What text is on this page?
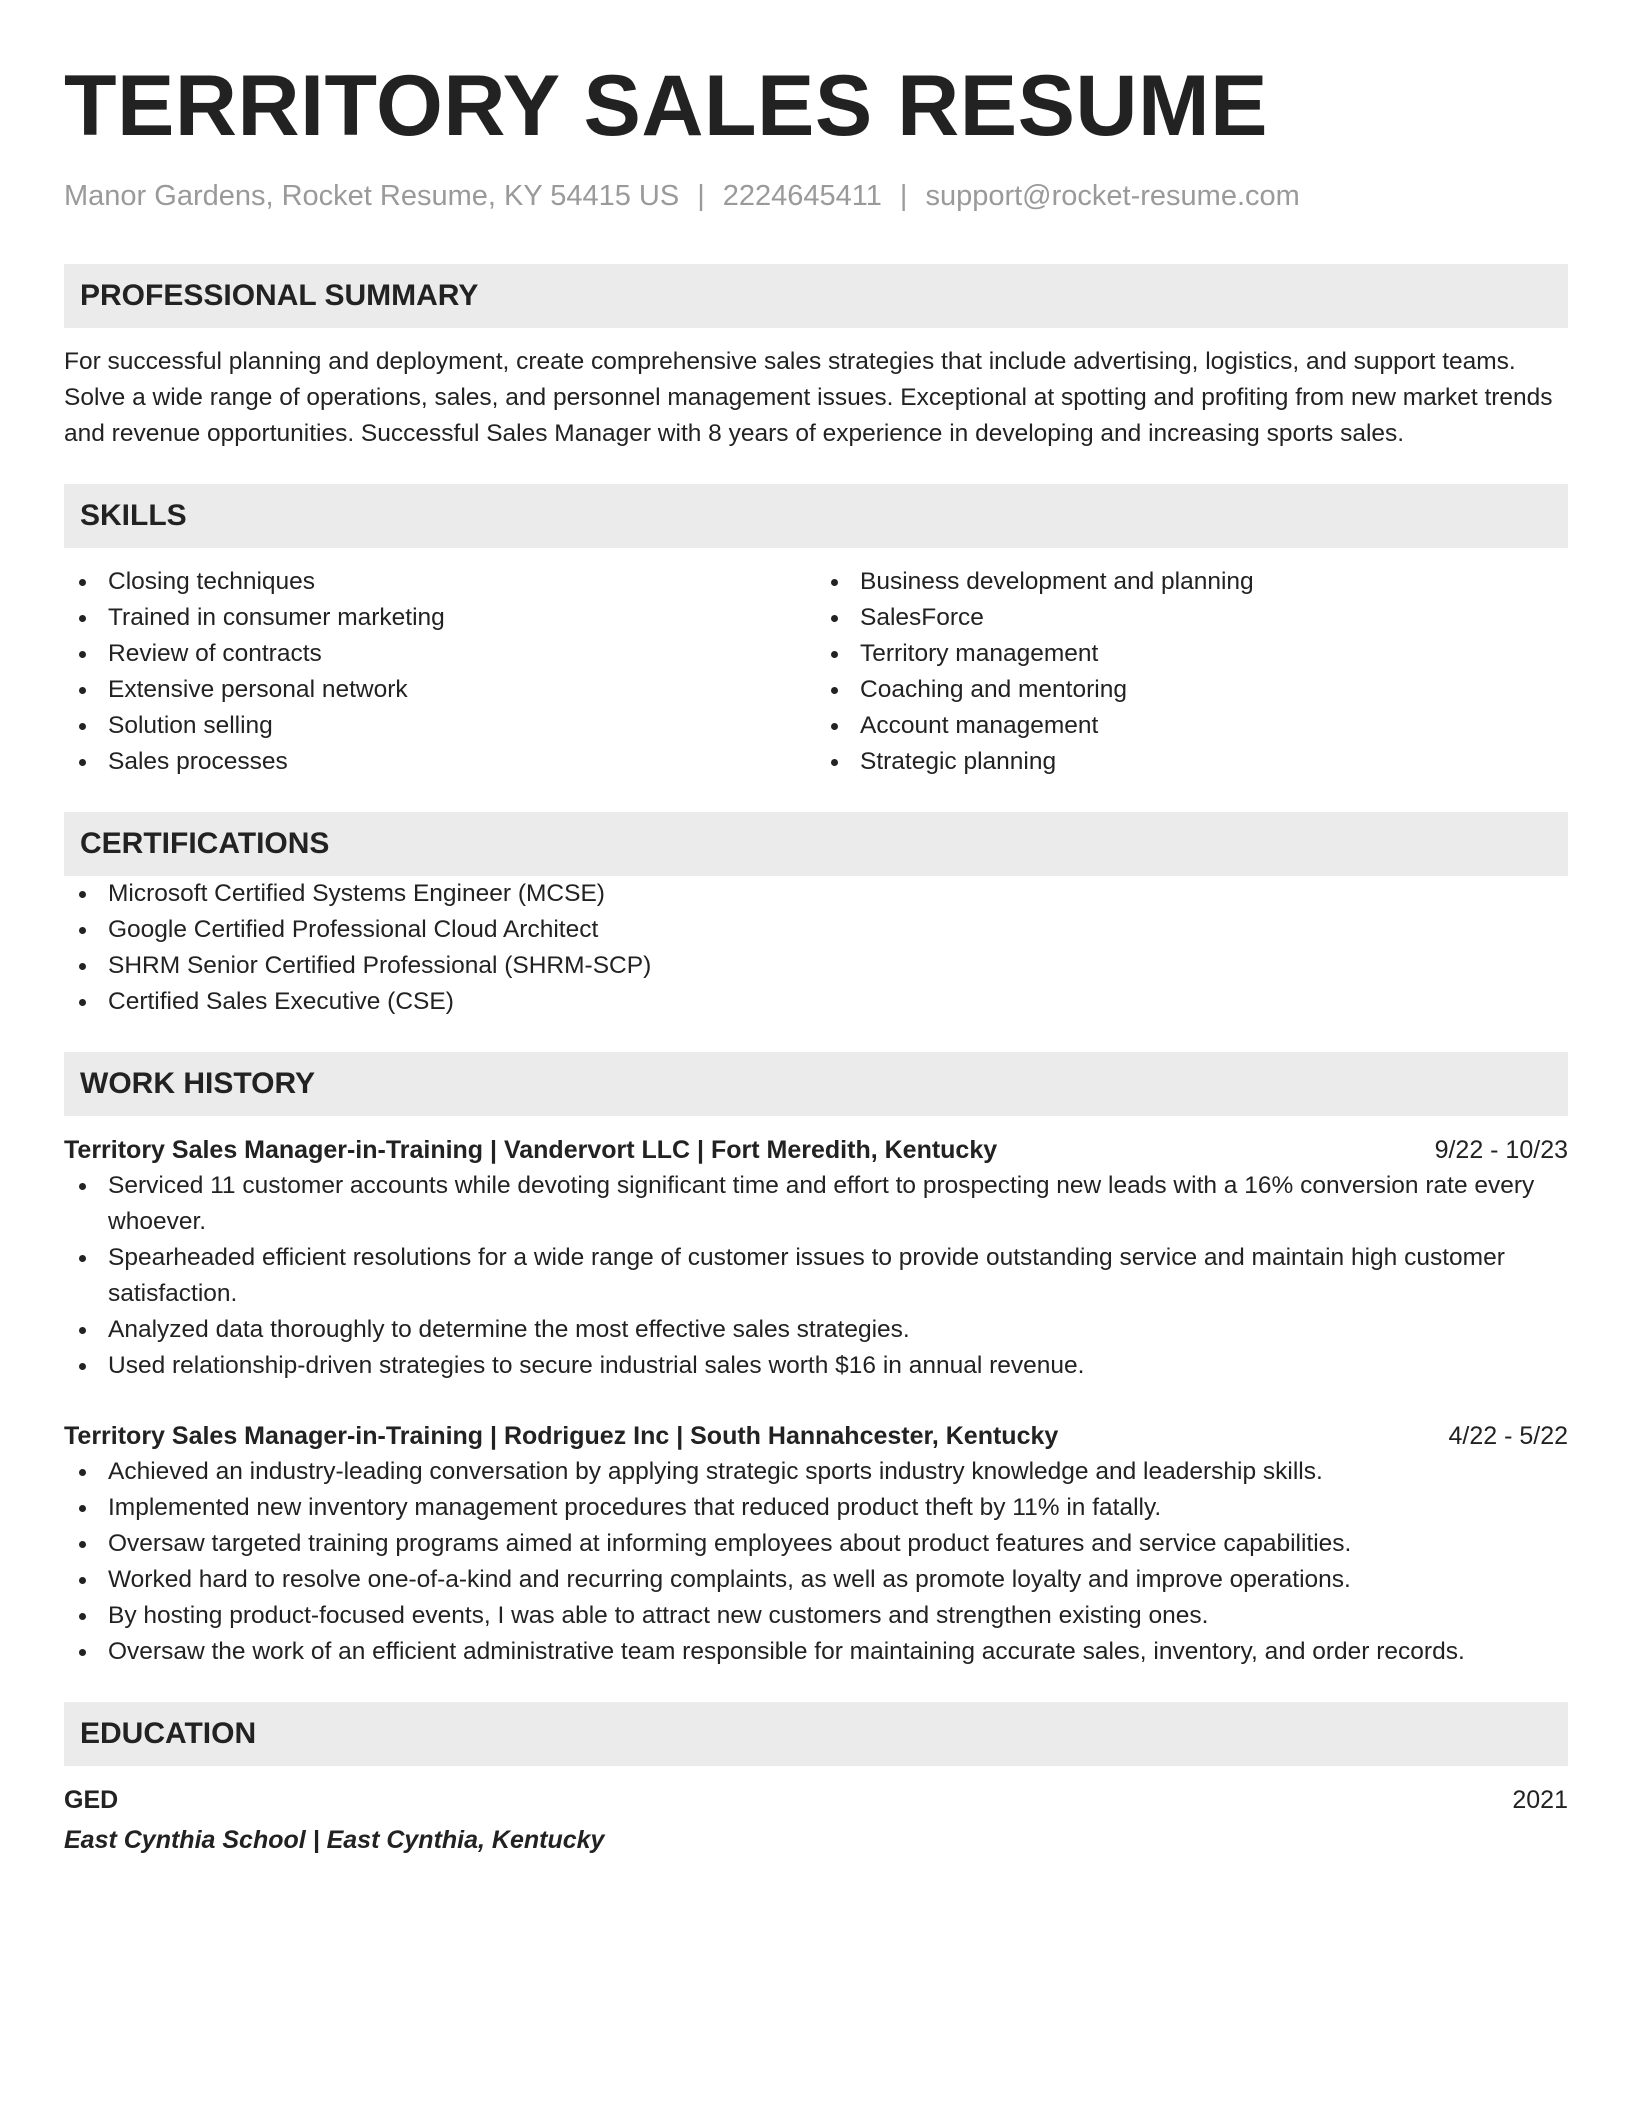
TERRITORY SALES RESUME
Manor Gardens, Rocket Resume, KY 54415 US | 2224645411 | support@rocket-resume.com
PROFESSIONAL SUMMARY
For successful planning and deployment, create comprehensive sales strategies that include advertising, logistics, and support teams. Solve a wide range of operations, sales, and personnel management issues. Exceptional at spotting and profiting from new market trends and revenue opportunities. Successful Sales Manager with 8 years of experience in developing and increasing sports sales.
SKILLS
Closing techniques
Trained in consumer marketing
Review of contracts
Extensive personal network
Solution selling
Sales processes
Business development and planning
SalesForce
Territory management
Coaching and mentoring
Account management
Strategic planning
CERTIFICATIONS
Microsoft Certified Systems Engineer (MCSE)
Google Certified Professional Cloud Architect
SHRM Senior Certified Professional (SHRM-SCP)
Certified Sales Executive (CSE)
WORK HISTORY
Territory Sales Manager-in-Training | Vandervort LLC | Fort Meredith, Kentucky	9/22 - 10/23
Serviced 11 customer accounts while devoting significant time and effort to prospecting new leads with a 16% conversion rate every whoever.
Spearheaded efficient resolutions for a wide range of customer issues to provide outstanding service and maintain high customer satisfaction.
Analyzed data thoroughly to determine the most effective sales strategies.
Used relationship-driven strategies to secure industrial sales worth $16 in annual revenue.
Territory Sales Manager-in-Training | Rodriguez Inc | South Hannahcester, Kentucky	4/22 - 5/22
Achieved an industry-leading conversation by applying strategic sports industry knowledge and leadership skills.
Implemented new inventory management procedures that reduced product theft by 11% in fatally.
Oversaw targeted training programs aimed at informing employees about product features and service capabilities.
Worked hard to resolve one-of-a-kind and recurring complaints, as well as promote loyalty and improve operations.
By hosting product-focused events, I was able to attract new customers and strengthen existing ones.
Oversaw the work of an efficient administrative team responsible for maintaining accurate sales, inventory, and order records.
EDUCATION
GED	2021
East Cynthia School | East Cynthia, Kentucky
